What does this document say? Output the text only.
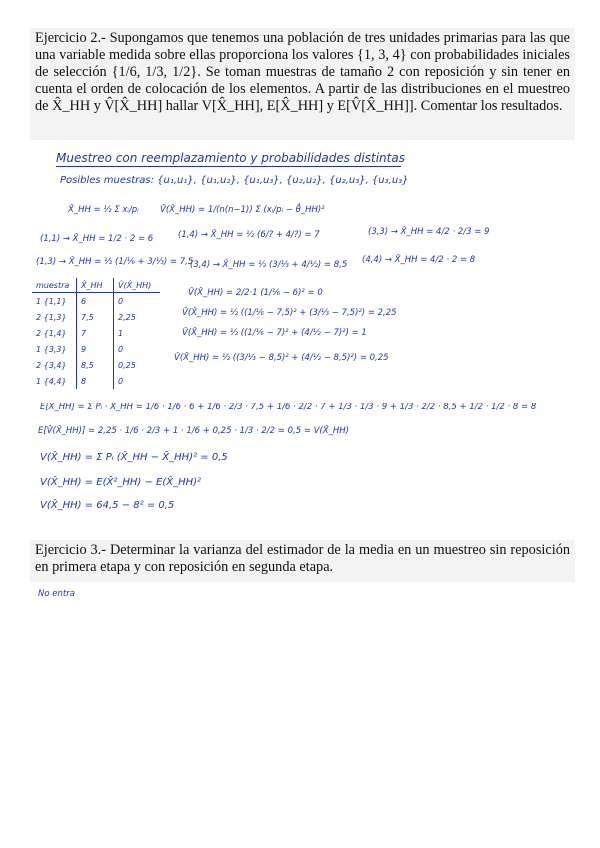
Ejercicio 2.- Supongamos que tenemos una población de tres unidades primarias para las que una variable medida sobre ellas proporciona los valores {1, 3, 4} con probabilidades iniciales de selección {1/6, 1/3, 1/2}. Se toman muestras de tamaño 2 con reposición y sin tener en cuenta el orden de colocación de los elementos. A partir de las distribuciones en el muestreo de X̂_HH y V̂[X̂_HH] hallar V[X̂_HH], E[X̂_HH] y E[V̂[X̂_HH]]. Comentar los resultados.
Muestreo con reemplazamiento y probabilidades distintas
Posibles muestras: {u₁,u₁}, {u₁,u₂}, {u₁,u₃}, {u₂,u₂}, {u₂,u₃}, {u₃,u₃}
X̂_HH = ½ Σ xᵢ/pᵢ	V̂(X̂_HH) = 1/(n(n−1)) Σ (xᵢ/pᵢ − θ̂_HH)²
(1,1) → X̂_HH = 1/2 · 2 = 6	(1,4) → X̂_HH = ½ (6/? + 4/?) = 7	(3,3) → X̂_HH = 4/2 · 2/3 = 9
(1,3) → X̂_HH = ½ (1/⅙ + 3/⅓) = 7,5
(3,4) → X̂_HH = ½ (3/⅓ + 4/½) = 8,5 (4,4) → X̂_HH = 4/2 · 2 = 8
muestra	X̂_HH	V̂(X̂_HH)
1 {1,1}	6	0
2 {1,3}	7,5	2,25
2 {1,4}	7	1
1 {3,3}	9	0
2 {3,4}	8,5	0,25
1 {4,4}	8	0
V̂(X̂_HH) = 2/2·1 (1/⅙ − 6)² = 0
V̂(X̂_HH) = ½ ((1/⅙ − 7,5)² + (3/⅓ − 7,5)²) = 2,25
V̂(X̂_HH) = ½ ((1/⅙ − 7)² + (4/½ − 7)²) = 1
V̂(X̂_HH) = ½ ((3/⅓ − 8,5)² + (4/½ − 8,5)²) = 0,25
E[X̂_HH] = Σ Pᵢ · X̂_HH = 1/6 · 1/6 · 6 + 1/6 · 2/3 · 7,5 + 1/6 · 2/2 · 7 + 1/3 · 1/3 · 9 + 1/3 · 2/2 · 8,5 + 1/2 · 1/2 · 8 = 8
E[V̂(X̂_HH)] = 2,25 · 1/6 · 2/3 + 1 · 1/6 + 0,25 · 1/3 · 2/2 = 0,5 = V(X̂_HH)
V(X̂_HH) = Σ Pᵢ (X̂_HH − X̂_HH)² = 0,5
V(X̂_HH) = E(X̂²_HH) − E(X̂_HH)²
V(X̂_HH) = 64,5 − 8² = 0,5
Ejercicio 3.- Determinar la varianza del estimador de la media en un muestreo sin reposición en primera etapa y con reposición en segunda etapa.
No entra
